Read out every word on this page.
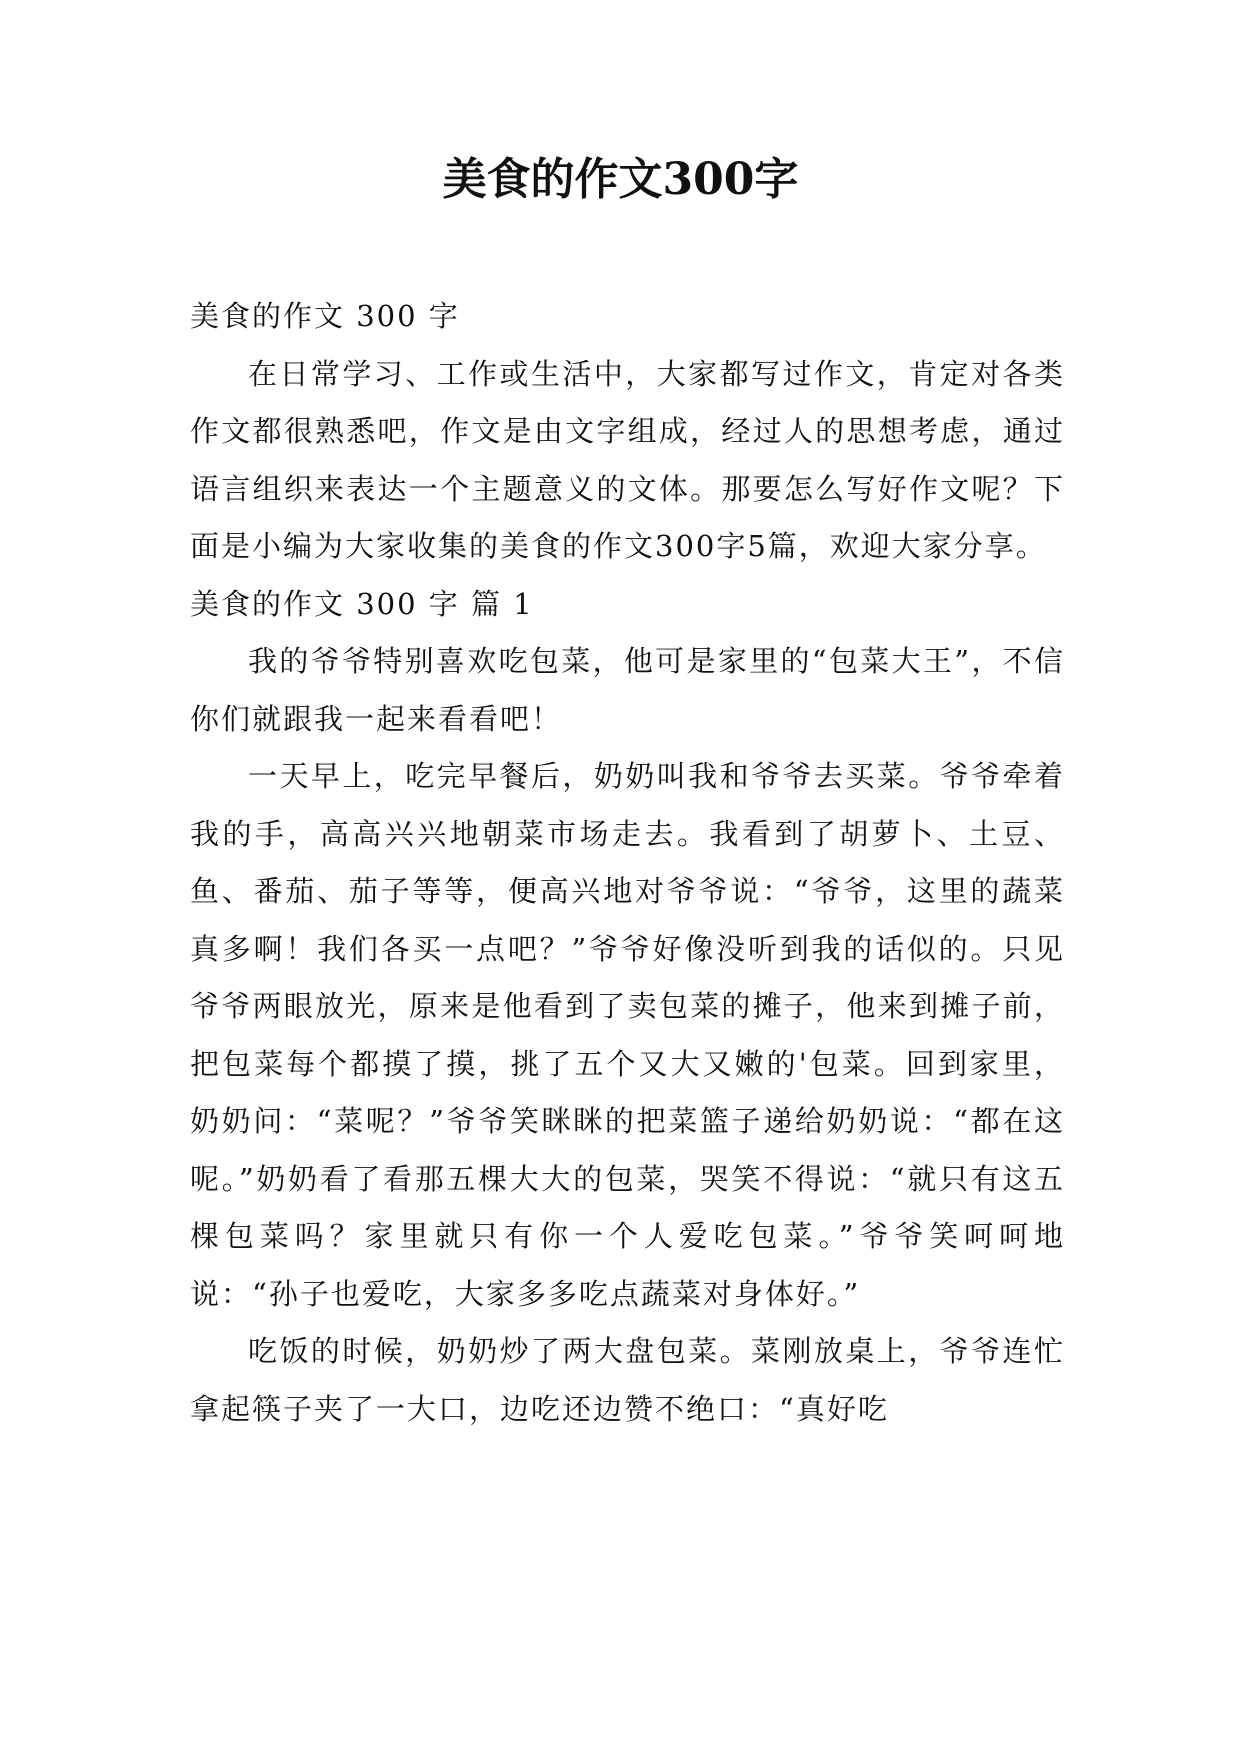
美食的作文300字

美食的作文 300 字

在日常学习、工作或生活中，大家都写过作文，肯定对各类作文都很熟悉吧，作文是由文字组成，经过人的思想考虑，通过语言组织来表达一个主题意义的文体。那要怎么写好作文呢？下面是小编为大家收集的美食的作文300字5篇，欢迎大家分享。

美食的作文 300 字 篇 1

我的爷爷特别喜欢吃包菜，他可是家里的“包菜大王”，不信你们就跟我一起来看看吧！

一天早上，吃完早餐后，奶奶叫我和爷爷去买菜。爷爷牵着我的手，高高兴兴地朝菜市场走去。我看到了胡萝卜、土豆、鱼、番茄、茄子等等，便高兴地对爷爷说：“爷爷，这里的蔬菜真多啊！我们各买一点吧？”爷爷好像没听到我的话似的。只见爷爷两眼放光，原来是他看到了卖包菜的摊子，他来到摊子前，把包菜每个都摸了摸，挑了五个又大又嫩的'包菜。回到家里，奶奶问：“菜呢？”爷爷笑眯眯的把菜篮子递给奶奶说：“都在这呢。”奶奶看了看那五棵大大的包菜，哭笑不得说：“就只有这五棵包菜吗？家里就只有你一个人爱吃包菜。”爷爷笑呵呵地说：“孙子也爱吃，大家多多吃点蔬菜对身体好。”

吃饭的时候，奶奶炒了两大盘包菜。菜刚放桌上，爷爷连忙拿起筷子夹了一大口，边吃还边赞不绝口：“真好吃
